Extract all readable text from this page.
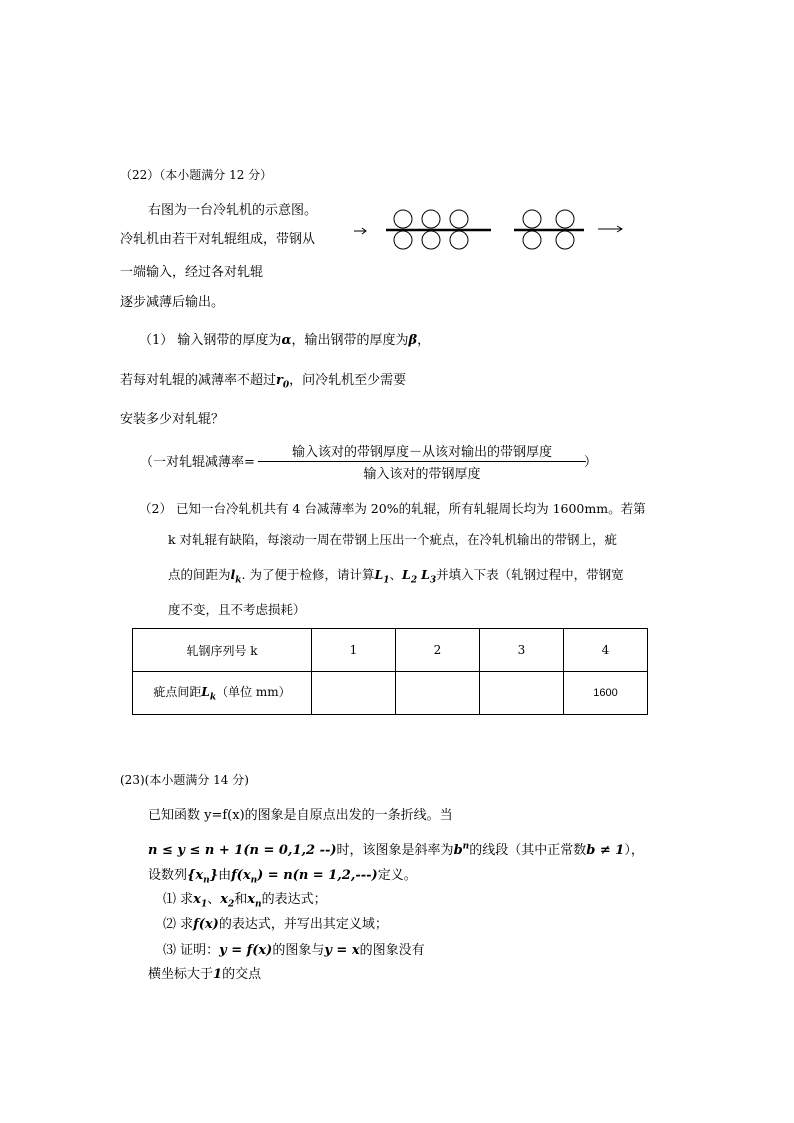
（22）（本小题满分 12 分）
右图为一台冷轧机的示意图。
冷轧机由若干对轧辊组成，带钢从
一端输入，经过各对轧辊
逐步减薄后输出。
（1） 输入钢带的厚度为α，输出钢带的厚度为β，
若每对轧辊的减薄率不超过$r_0$，问冷轧机至少需要
安装多少对轧辊？
（一对轧辊减薄率=
输入该对的带钢厚度－从该对输出的带钢厚度
输入该对的带钢厚度
）
（2） 已知一台冷轧机共有 4 台减薄率为 20%的轧辊，所有轧辊周长均为 1600mm。若第
k 对轧辊有缺陷，每滚动一周在带钢上压出一个疵点，在冷轧机输出的带钢上，疵
点的间距为$l_k$. 为了便于检修，请计算$L_1$、$L_2$ $L_3$并填入下表（轧钢过程中，带钢宽
度不变，且不考虑损耗）
轧钢序列号 k	1	2	3	4
疵点间距$L_k$（单位 mm）				1600
(23)(本小题满分 14 分)
已知函数 y=f(x)的图象是自原点出发的一条折线。当
n ≤ y ≤ n + 1(n = 0,1,2 --)时，该图象是斜率为$b^n$的线段（其中正常数b ≠ 1），
设数列$\{x_n\}$由$f(x_n) = n(n = 1,2,---)$定义。
⑴ 求$x_1$、$x_2$和$x_n$的表达式；
⑵ 求f(x)的表达式，并写出其定义域；
⑶ 证明：y = f(x)的图象与y = x的图象没有
横坐标大于1的交点
